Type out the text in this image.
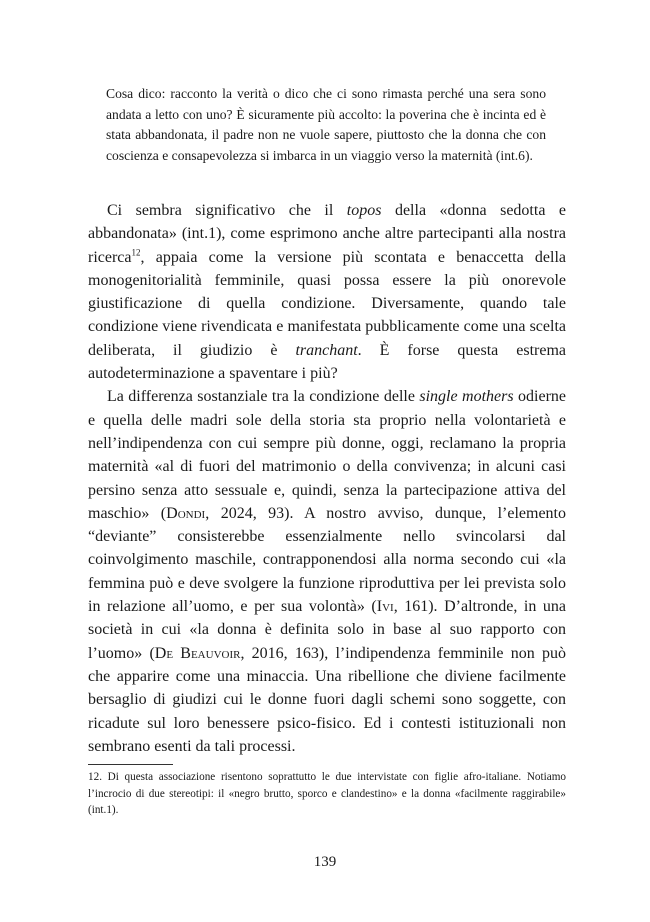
Cosa dico: racconto la verità o dico che ci sono rimasta perché una sera sono andata a letto con uno? È sicuramente più accolto: la poverina che è incinta ed è stata abbandonata, il padre non ne vuole sapere, piuttosto che la donna che con coscienza e consapevolezza si imbarca in un viaggio verso la maternità (int.6).

Ci sembra significativo che il topos della «donna sedotta e abbandonata» (int.1), come esprimono anche altre partecipanti alla nostra ricerca$^{12}$, appaia come la versione più scontata e benaccetta della monogenitorialità femminile, quasi possa essere la più onorevole giustificazione di quella condizione. Diversamente, quando tale condizione viene rivendicata e manifestata pubblicamente come una scelta deliberata, il giudizio è tranchant. È forse questa estrema autodeterminazione a spaventare i più?

La differenza sostanziale tra la condizione delle single mothers odierne e quella delle madri sole della storia sta proprio nella volontarietà e nell’indipendenza con cui sempre più donne, oggi, reclamano la propria maternità «al di fuori del matrimonio o della convivenza; in alcuni casi persino senza atto sessuale e, quindi, senza la partecipazione attiva del maschio» (Dondi, 2024, 93). A nostro avviso, dunque, l’elemento “deviante” consisterebbe essenzialmente nello svincolarsi dal coinvolgimento maschile, contrapponendosi alla norma secondo cui «la femmina può e deve svolgere la funzione riproduttiva per lei prevista solo in relazione all’uomo, e per sua volontà» (Ivi, 161). D’altronde, in una società in cui «la donna è definita solo in base al suo rapporto con l’uomo» (De Beauvoir, 2016, 163), l’indipendenza femminile non può che apparire come una minaccia. Una ribellione che diviene facilmente bersaglio di giudizi cui le donne fuori dagli schemi sono soggette, con ricadute sul loro benessere psico-fisico. Ed i contesti istituzionali non sembrano esenti da tali processi.

12. Di questa associazione risentono soprattutto le due intervistate con figlie afro-italiane. Notiamo l’incrocio di due stereotipi: il «negro brutto, sporco e clandestino» e la donna «facilmente raggirabile» (int.1).

139
